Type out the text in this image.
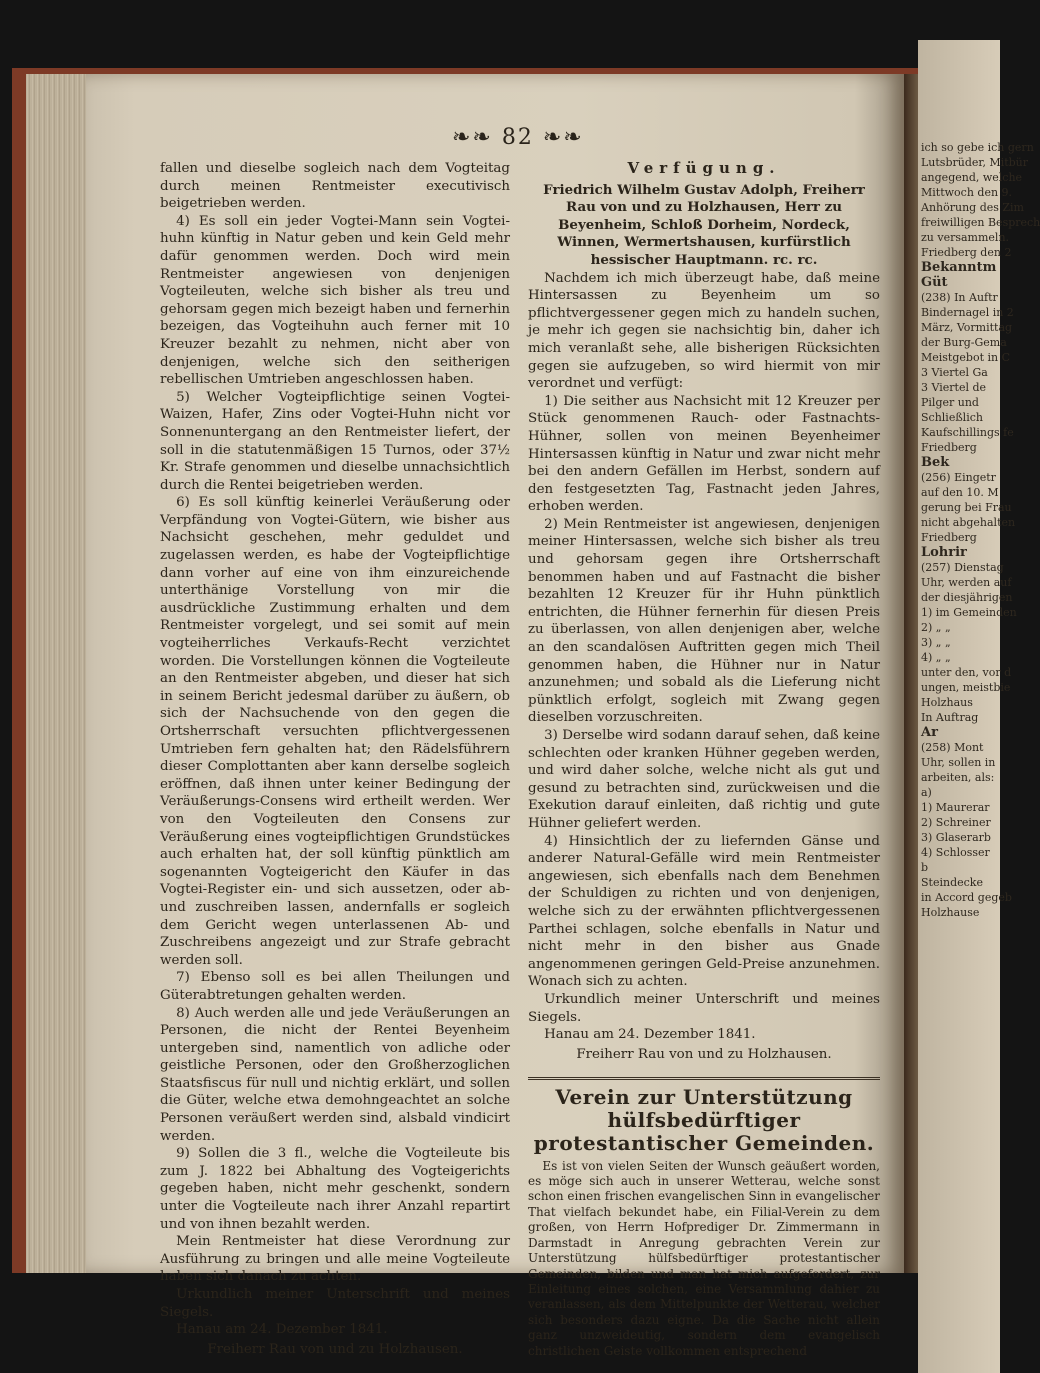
ich so gebe ich gern
Lutsbrüder, Mitbür
angegend, welche
Mittwoch den 9.
Anhörung des Zim
freiwilligen Besprech
zu versammeln.
Friedberg den 2
Bekanntm
Güt
(238) In Auftr
Bindernagel in 2
März, Vormittag
der Burg-Gema
Meistgebot in C
3 Viertel Ga
3 Viertel de
Pilger und
Schließlich
Kaufschillings fe
Friedberg
Bek
(256) Eingetr
auf den 10. M
gerung bei Frau
nicht abgehalten
Friedberg
Lohrir
(257) Dienstag
Uhr, werden auf
der diesjährigen
1) im Gemeinden
2) „ „
3) „ „
4) „ „
unter den, vor d
ungen, meistbie
Holzhaus
In Auftrag
Ar
(258) Mont
Uhr, sollen in
arbeiten, als:
a)
1) Maurerar
2) Schreiner
3) Glaserarb
4) Schlosser
b
Steindecke
in Accord gegeb
Holzhause
❧❧ 82 ❧❧

fallen und dieselbe sogleich nach dem Vogteitag durch meinen Rentmeister executivisch beigetrieben werden.

4) Es soll ein jeder Vogtei-Mann sein Vogtei-huhn künftig in Natur geben und kein Geld mehr dafür genommen werden. Doch wird mein Rentmeister angewiesen von denjenigen Vogteileuten, welche sich bisher als treu und gehorsam gegen mich bezeigt haben und fernerhin bezeigen, das Vogteihuhn auch ferner mit 10 Kreuzer bezahlt zu nehmen, nicht aber von denjenigen, welche sich den seitherigen rebellischen Umtrieben angeschlossen haben.

5) Welcher Vogteipflichtige seinen Vogtei-Waizen, Hafer, Zins oder Vogtei-Huhn nicht vor Sonnenuntergang an den Rentmeister liefert, der soll in die statutenmäßigen 15 Turnos, oder 37½ Kr. Strafe genommen und dieselbe unnachsichtlich durch die Rentei beigetrieben werden.

6) Es soll künftig keinerlei Veräußerung oder Verpfändung von Vogtei-Gütern, wie bisher aus Nachsicht geschehen, mehr geduldet und zugelassen werden, es habe der Vogteipflichtige dann vorher auf eine von ihm einzureichende unterthänige Vorstellung von mir die ausdrückliche Zustimmung erhalten und dem Rentmeister vorgelegt, und sei somit auf mein vogteiherrliches Verkaufs-Recht verzichtet worden. Die Vorstellungen können die Vogteileute an den Rentmeister abgeben, und dieser hat sich in seinem Bericht jedesmal darüber zu äußern, ob sich der Nachsuchende von den gegen die Ortsherrschaft versuchten pflichtvergessenen Umtrieben fern gehalten hat; den Rädelsführern dieser Complottanten aber kann derselbe sogleich eröffnen, daß ihnen unter keiner Bedingung der Veräußerungs-Consens wird ertheilt werden. Wer von den Vogteileuten den Consens zur Veräußerung eines vogteipflichtigen Grundstückes auch erhalten hat, der soll künftig pünktlich am sogenannten Vogteigericht den Käufer in das Vogtei-Register ein- und sich aussetzen, oder ab- und zuschreiben lassen, andernfalls er sogleich dem Gericht wegen unterlassenen Ab- und Zuschreibens angezeigt und zur Strafe gebracht werden soll.

7) Ebenso soll es bei allen Theilungen und Güterabtretungen gehalten werden.

8) Auch werden alle und jede Veräußerungen an Personen, die nicht der Rentei Beyenheim untergeben sind, namentlich von adliche oder geistliche Personen, oder den Großherzoglichen Staatsfiscus für null und nichtig erklärt, und sollen die Güter, welche etwa demohngeachtet an solche Personen veräußert werden sind, alsbald vindicirt werden.

9) Sollen die 3 fl., welche die Vogteileute bis zum J. 1822 bei Abhaltung des Vogteigerichts gegeben haben, nicht mehr geschenkt, sondern unter die Vogteileute nach ihrer Anzahl repartirt und von ihnen bezahlt werden.

Mein Rentmeister hat diese Verordnung zur Ausführung zu bringen und alle meine Vogteileute haben sich danach zu achten.

Urkundlich meiner Unterschrift und meines Siegels.

Hanau am 24. Dezember 1841.

Freiherr Rau von und zu Holzhausen.

Verfügung.

Friedrich Wilhelm Gustav Adolph, Freiherr Rau von und zu Holzhausen, Herr zu Beyenheim, Schloß Dorheim, Nordeck, Winnen, Wermertshausen, kurfürstlich hessischer Hauptmann. rc. rc.

Nachdem ich mich überzeugt habe, daß meine Hintersassen zu Beyenheim um so pflichtvergessener gegen mich zu handeln suchen, je mehr ich gegen sie nachsichtig bin, daher ich mich veranlaßt sehe, alle bisherigen Rücksichten gegen sie aufzugeben, so wird hiermit von mir verordnet und verfügt:

1) Die seither aus Nachsicht mit 12 Kreuzer per Stück genommenen Rauch- oder Fastnachts-Hühner, sollen von meinen Beyenheimer Hintersassen künftig in Natur und zwar nicht mehr bei den andern Gefällen im Herbst, sondern auf den festgesetzten Tag, Fastnacht jeden Jahres, erhoben werden.

2) Mein Rentmeister ist angewiesen, denjenigen meiner Hintersassen, welche sich bisher als treu und gehorsam gegen ihre Ortsherrschaft benommen haben und auf Fastnacht die bisher bezahlten 12 Kreuzer für ihr Huhn pünktlich entrichten, die Hühner fernerhin für diesen Preis zu überlassen, von allen denjenigen aber, welche an den scandalösen Auftritten gegen mich Theil genommen haben, die Hühner nur in Natur anzunehmen; und sobald als die Lieferung nicht pünktlich erfolgt, sogleich mit Zwang gegen dieselben vorzuschreiten.

3) Derselbe wird sodann darauf sehen, daß keine schlechten oder kranken Hühner gegeben werden, und wird daher solche, welche nicht als gut und gesund zu betrachten sind, zurückweisen und die Exekution darauf einleiten, daß richtig und gute Hühner geliefert werden.

4) Hinsichtlich der zu liefernden Gänse und anderer Natural-Gefälle wird mein Rentmeister angewiesen, sich ebenfalls nach dem Benehmen der Schuldigen zu richten und von denjenigen, welche sich zu der erwähnten pflichtvergessenen Parthei schlagen, solche ebenfalls in Natur und nicht mehr in den bisher aus Gnade angenommenen geringen Geld-Preise anzunehmen. Wonach sich zu achten.

Urkundlich meiner Unterschrift und meines Siegels.

Hanau am 24. Dezember 1841.

Freiherr Rau von und zu Holzhausen.

Verein zur Unterstützung hülfsbedürftiger protestantischer Gemeinden.

Es ist von vielen Seiten der Wunsch geäußert worden, es möge sich auch in unserer Wetterau, welche sonst schon einen frischen evangelischen Sinn in evangelischer That vielfach bekundet habe, ein Filial-Verein zu dem großen, von Herrn Hofprediger Dr. Zimmermann in Darmstadt in Anregung gebrachten Verein zur Unterstützung hülfsbedürftiger protestantischer Gemeinden, bilden und man hat mich aufgefordert, zur Einleitung eines solchen, eine Versammlung dahier zu veranlassen, als dem Mittelpunkte der Wetterau, welcher sich besonders dazu eigne. Da die Sache nicht allein ganz unzweideutig, sondern dem evangelisch christlichen Geiste vollkommen entsprechend
